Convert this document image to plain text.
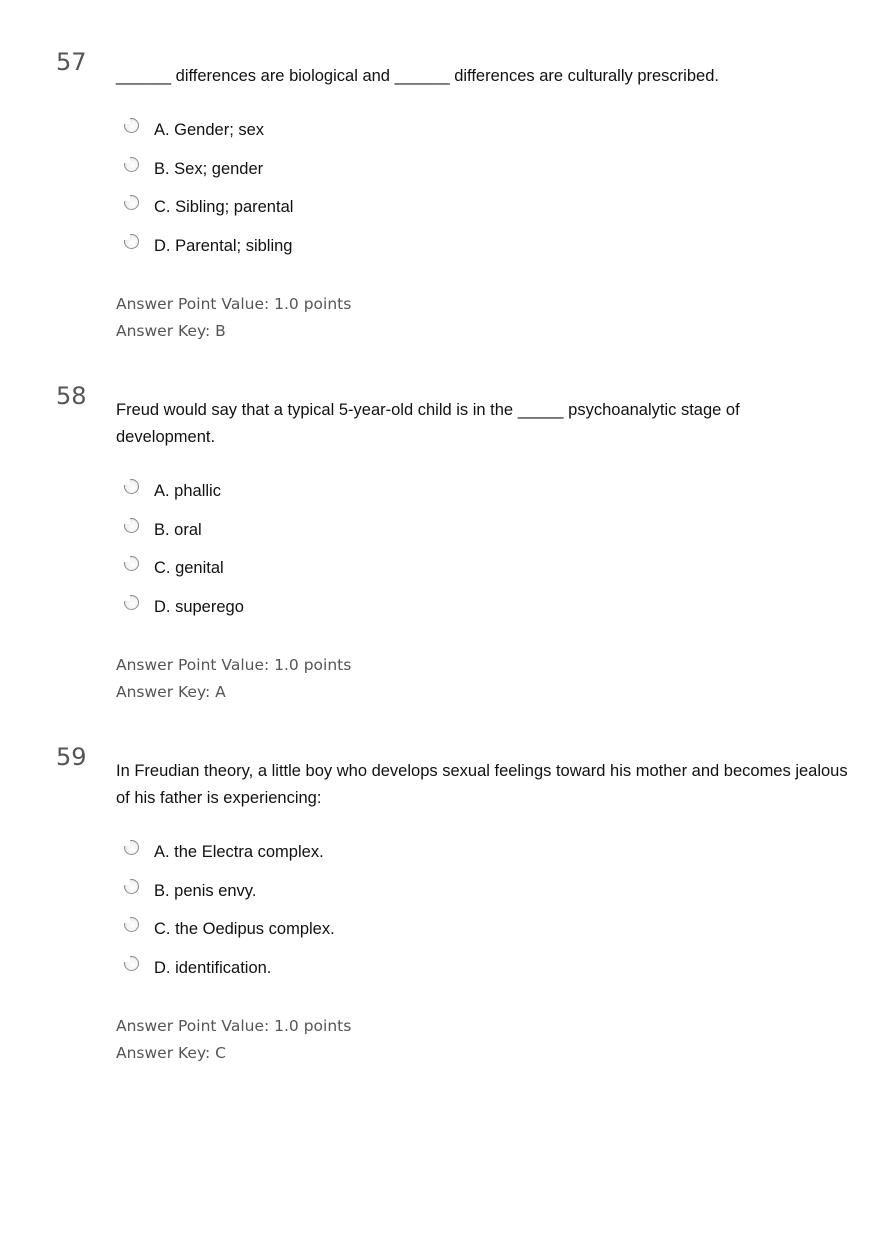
57 ______ differences are biological and ______ differences are culturally prescribed.
A. Gender; sex
B. Sex; gender
C. Sibling; parental
D. Parental; sibling
Answer Point Value: 1.0 points
Answer Key: B
58 Freud would say that a typical 5-year-old child is in the _____ psychoanalytic stage of development.
A. phallic
B. oral
C. genital
D. superego
Answer Point Value: 1.0 points
Answer Key: A
59 In Freudian theory, a little boy who develops sexual feelings toward his mother and becomes jealous of his father is experiencing:
A. the Electra complex.
B. penis envy.
C. the Oedipus complex.
D. identification.
Answer Point Value: 1.0 points
Answer Key: C
